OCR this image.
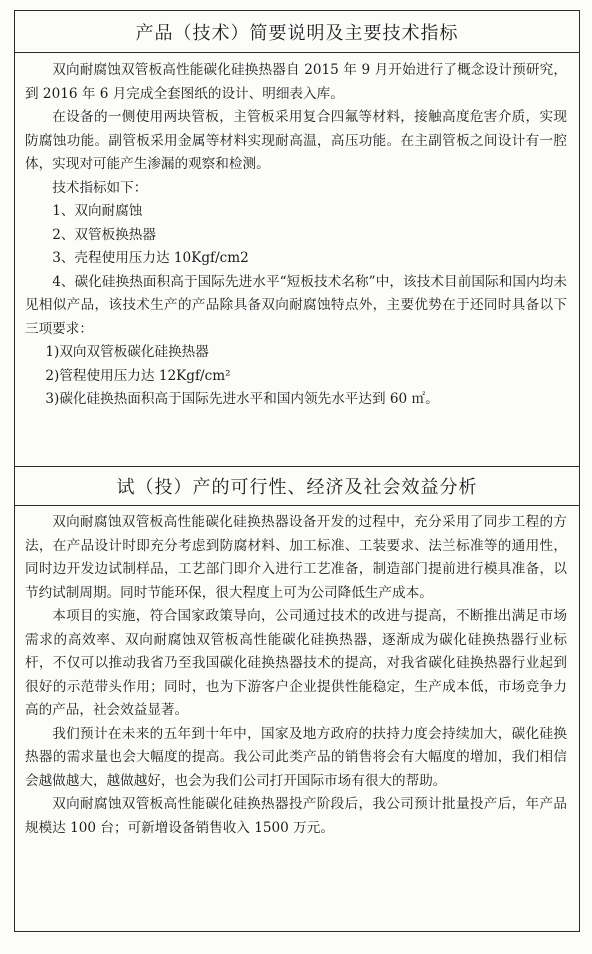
产品（技术）简要说明及主要技术指标

双向耐腐蚀双管板高性能碳化硅换热器自 2015 年 9 月开始进行了概念设计预研究，到 2016 年 6 月完成全套图纸的设计、明细表入库。

在设备的一侧使用两块管板，主管板采用复合四氟等材料，接触高度危害介质，实现防腐蚀功能。副管板采用金属等材料实现耐高温，高压功能。在主副管板之间设计有一腔体，实现对可能产生渗漏的观察和检测。

技术指标如下：

1、双向耐腐蚀

2、双管板换热器

3、壳程使用压力达 10Kgf/cm2

4、碳化硅换热面积高于国际先进水平“短板技术名称”中，该技术目前国际和国内均未见相似产品，该技术生产的产品除具备双向耐腐蚀特点外，主要优势在于还同时具备以下三项要求：

1)双向双管板碳化硅换热器

2)管程使用压力达 12Kgf/cm²

3)碳化硅换热面积高于国际先进水平和国内领先水平达到 60 ㎡。

试（投）产的可行性、经济及社会效益分析

双向耐腐蚀双管板高性能碳化硅换热器设备开发的过程中，充分采用了同步工程的方法，在产品设计时即充分考虑到防腐材料、加工标准、工装要求、法兰标准等的通用性，同时边开发边试制样品，工艺部门即介入进行工艺准备，制造部门提前进行模具准备，以节约试制周期。同时节能环保，很大程度上可为公司降低生产成本。

本项目的实施，符合国家政策导向，公司通过技术的改进与提高，不断推出满足市场需求的高效率、双向耐腐蚀双管板高性能碳化硅换热器，逐渐成为碳化硅换热器行业标杆，不仅可以推动我省乃至我国碳化硅换热器技术的提高，对我省碳化硅换热器行业起到很好的示范带头作用；同时，也为下游客户企业提供性能稳定，生产成本低，市场竞争力高的产品，社会效益显著。

我们预计在未来的五年到十年中，国家及地方政府的扶持力度会持续加大，碳化硅换热器的需求量也会大幅度的提高。我公司此类产品的销售将会有大幅度的增加，我们相信会越做越大，越做越好，也会为我们公司打开国际市场有很大的帮助。

双向耐腐蚀双管板高性能碳化硅换热器投产阶段后，我公司预计批量投产后，年产品规模达 100 台；可新增设备销售收入 1500 万元。
